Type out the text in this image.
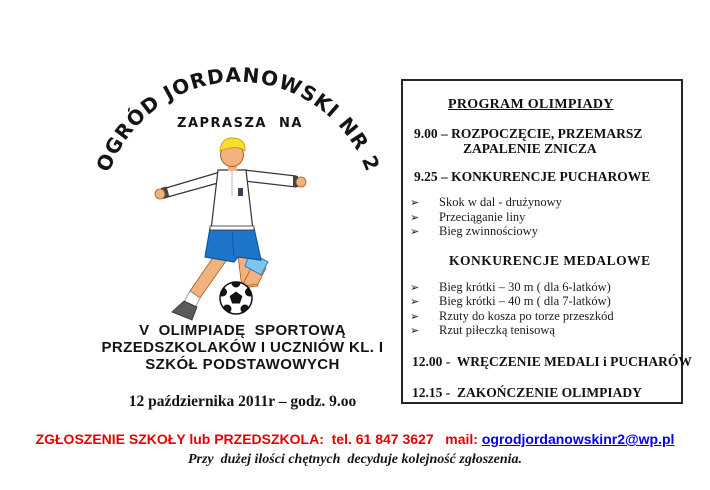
OGRÓD JORDANOWSKI NR 2
ZAPRASZA  NA
V  OLIMPIADĘ  SPORTOWĄ
PRZEDSZKOLAKÓW I UCZNIÓW KL. I
SZKÓŁ PODSTAWOWYCH
12 października 2011r – godz. 9.oo
PROGRAM OLIMPIADY
9.00 – ROZPOCZĘCIE, PRZEMARSZ
ZAPALENIE ZNICZA
9.25 – KONKURENCJE PUCHAROWE
➢	Skok w dal - drużynowy
➢	Przeciąganie liny
➢	Bieg zwinnościowy
KONKURENCJE MEDALOWE
➢	Bieg krótki – 30 m ( dla 6-latków)
➢	Bieg krótki – 40 m ( dla 7-latków)
➢	Rzuty do kosza po torze przeszkód
➢	Rzut piłeczką tenisową
12.00 -  WRĘCZENIE MEDALI i PUCHARÓW
12.15 -  ZAKOŃCZENIE OLIMPIADY
ZGŁOSZENIE SZKOŁY lub PRZEDSZKOLA:  tel. 61 847 3627   mail: ogrodjordanowskinr2@wp.pl
Przy  dużej ilości chętnych  decyduje kolejność zgłoszenia.
